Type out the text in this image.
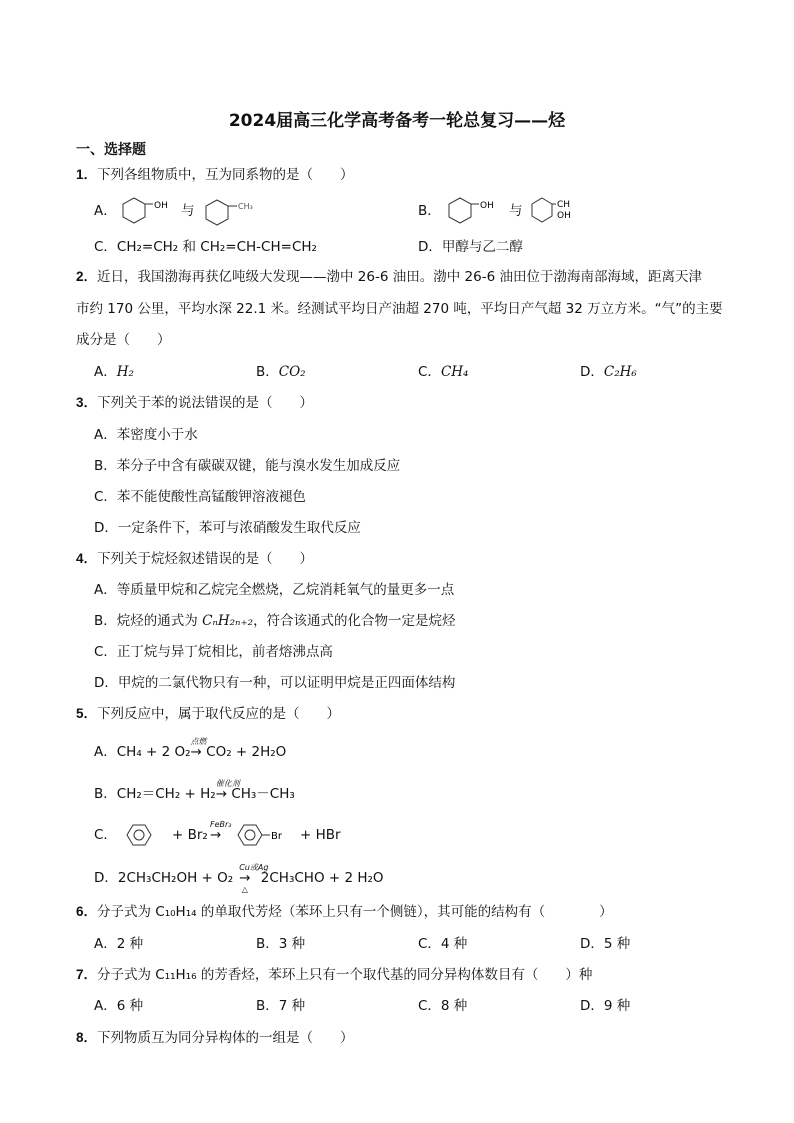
2024届高三化学高考备考一轮总复习——烃
一、选择题
1．下列各组物质中，互为同系物的是（　　）
A．	OH 与	CH₃	B．	OH 与	CH
OH
C．CH₂=CH₂ 和 CH₂=CH-CH=CH₂	D．甲醇与乙二醇
2．近日，我国渤海再获亿吨级大发现——渤中 26-6 油田。渤中 26-6 油田位于渤海南部海域，距离天津
市约 170 公里，平均水深 22.1 米。经测试平均日产油超 270 吨，平均日产气超 32 万立方米。“气”的主要
成分是（　　）
A．H₂	B．CO₂	C．CH₄	D．C₂H₆
3．下列关于苯的说法错误的是（　　）
A．苯密度小于水
B．苯分子中含有碳碳双键，能与溴水发生加成反应
C．苯不能使酸性高锰酸钾溶液褪色
D．一定条件下，苯可与浓硝酸发生取代反应
4．下列关于烷烃叙述错误的是（　　）
A．等质量甲烷和乙烷完全燃烧，乙烷消耗氧气的量更多一点
B．烷烃的通式为 CₙH₂ₙ₊₂，符合该通式的化合物一定是烷烃
C．正丁烷与异丁烷相比，前者熔沸点高
D．甲烷的二氯代物只有一种，可以证明甲烷是正四面体结构
5．下列反应中，属于取代反应的是（　　）
A．CH₄ + 2 O₂
点燃
→ CO₂ + 2H₂O
B．CH₂＝CH₂ + H₂
催化剂
→ CH₃－CH₃
C．	+ Br₂
FeBr₃
→	Br + HBr
D．2CH₃CH₂OH + O₂
Cu或Ag
→
△
2CH₃CHO + 2 H₂O
6．分子式为 C₁₀H₁₄ 的单取代芳烃（苯环上只有一个侧链），其可能的结构有（　　　　）
A．2 种	B．3 种	C．4 种	D．5 种
7．分子式为 C₁₁H₁₆ 的芳香烃，苯环上只有一个取代基的同分异构体数目有（　　）种
A．6 种	B．7 种	C．8 种	D．9 种
8．下列物质互为同分异构体的一组是（　　）
